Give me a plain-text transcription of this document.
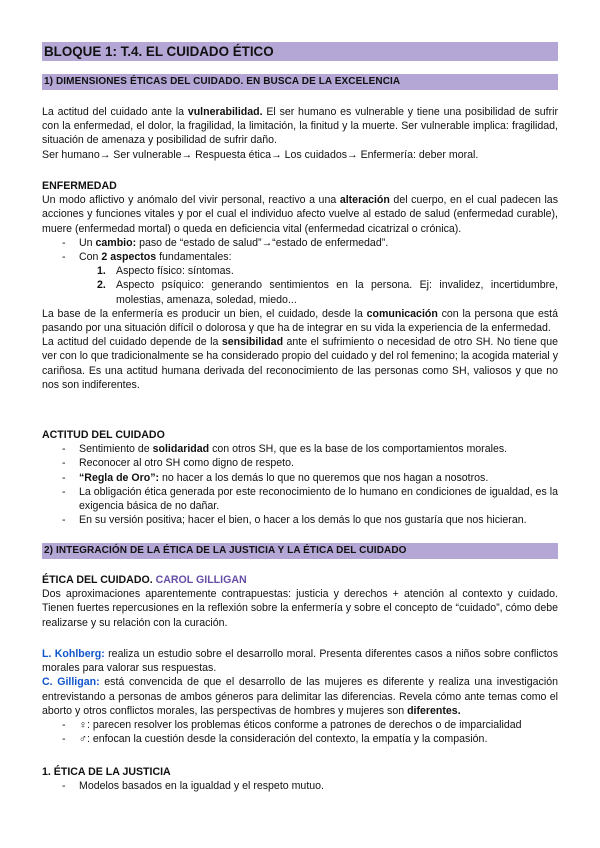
BLOQUE 1: T.4. EL CUIDADO ÉTICO
1) DIMENSIONES ÉTICAS DEL CUIDADO. EN BUSCA DE LA EXCELENCIA

La actitud del cuidado ante la vulnerabilidad. El ser humano es vulnerable y tiene una posibilidad de sufrir con la enfermedad, el dolor, la fragilidad, la limitación, la finitud y la muerte. Ser vulnerable implica: fragilidad, situación de amenaza y posibilidad de sufrir daño.

Ser humano→ Ser vulnerable→ Respuesta ética→ Los cuidados→ Enfermería: deber moral.

ENFERMEDAD

Un modo aflictivo y anómalo del vivir personal, reactivo a una alteración del cuerpo, en el cual padecen las acciones y funciones vitales y por el cual el individuo afecto vuelve al estado de salud (enfermedad curable), muere (enfermedad mortal) o queda en deficiencia vital (enfermedad cicatrizal o crónica).

- Un cambio: paso de “estado de salud”→“estado de enfermedad”.
- Con 2 aspectos fundamentales:
1. Aspecto físico: síntomas.
2. Aspecto psíquico: generando sentimientos en la persona. Ej: invalidez, incertidumbre, molestias, amenaza, soledad, miedo...

La base de la enfermería es producir un bien, el cuidado, desde la comunicación con la persona que está pasando por una situación difícil o dolorosa y que ha de integrar en su vida la experiencia de la enfermedad.

La actitud del cuidado depende de la sensibilidad ante el sufrimiento o necesidad de otro SH. No tiene que ver con lo que tradicionalmente se ha considerado propio del cuidado y del rol femenino; la acogida material y cariñosa. Es una actitud humana derivada del reconocimiento de las personas como SH, valiosos y que no nos son indiferentes.

ACTITUD DEL CUIDADO

- Sentimiento de solidaridad con otros SH, que es la base de los comportamientos morales.
- Reconocer al otro SH como digno de respeto.
- “Regla de Oro”: no hacer a los demás lo que no queremos que nos hagan a nosotros.
- La obligación ética generada por este reconocimiento de lo humano en condiciones de igualdad, es la exigencia básica de no dañar.
- En su versión positiva; hacer el bien, o hacer a los demás lo que nos gustaría que nos hicieran.
2) INTEGRACIÓN DE LA ÉTICA DE LA JUSTICIA Y LA ÉTICA DEL CUIDADO

ÉTICA DEL CUIDADO. CAROL GILLIGAN

Dos aproximaciones aparentemente contrapuestas: justicia y derechos + atención al contexto y cuidado. Tienen fuertes repercusiones en la reflexión sobre la enfermería y sobre el concepto de “cuidado”, cómo debe realizarse y su relación con la curación.

L. Kohlberg: realiza un estudio sobre el desarrollo moral. Presenta diferentes casos a niños sobre conflictos morales para valorar sus respuestas.

C. Gilligan: está convencida de que el desarrollo de las mujeres es diferente y realiza una investigación entrevistando a personas de ambos géneros para delimitar las diferencias. Revela cómo ante temas como el aborto y otros conflictos morales, las perspectivas de hombres y mujeres son diferentes.

- ♀: parecen resolver los problemas éticos conforme a patrones de derechos o de imparcialidad
- ♂: enfocan la cuestión desde la consideración del contexto, la empatía y la compasión.

1. ÉTICA DE LA JUSTICIA

- Modelos basados en la igualdad y el respeto mutuo.
